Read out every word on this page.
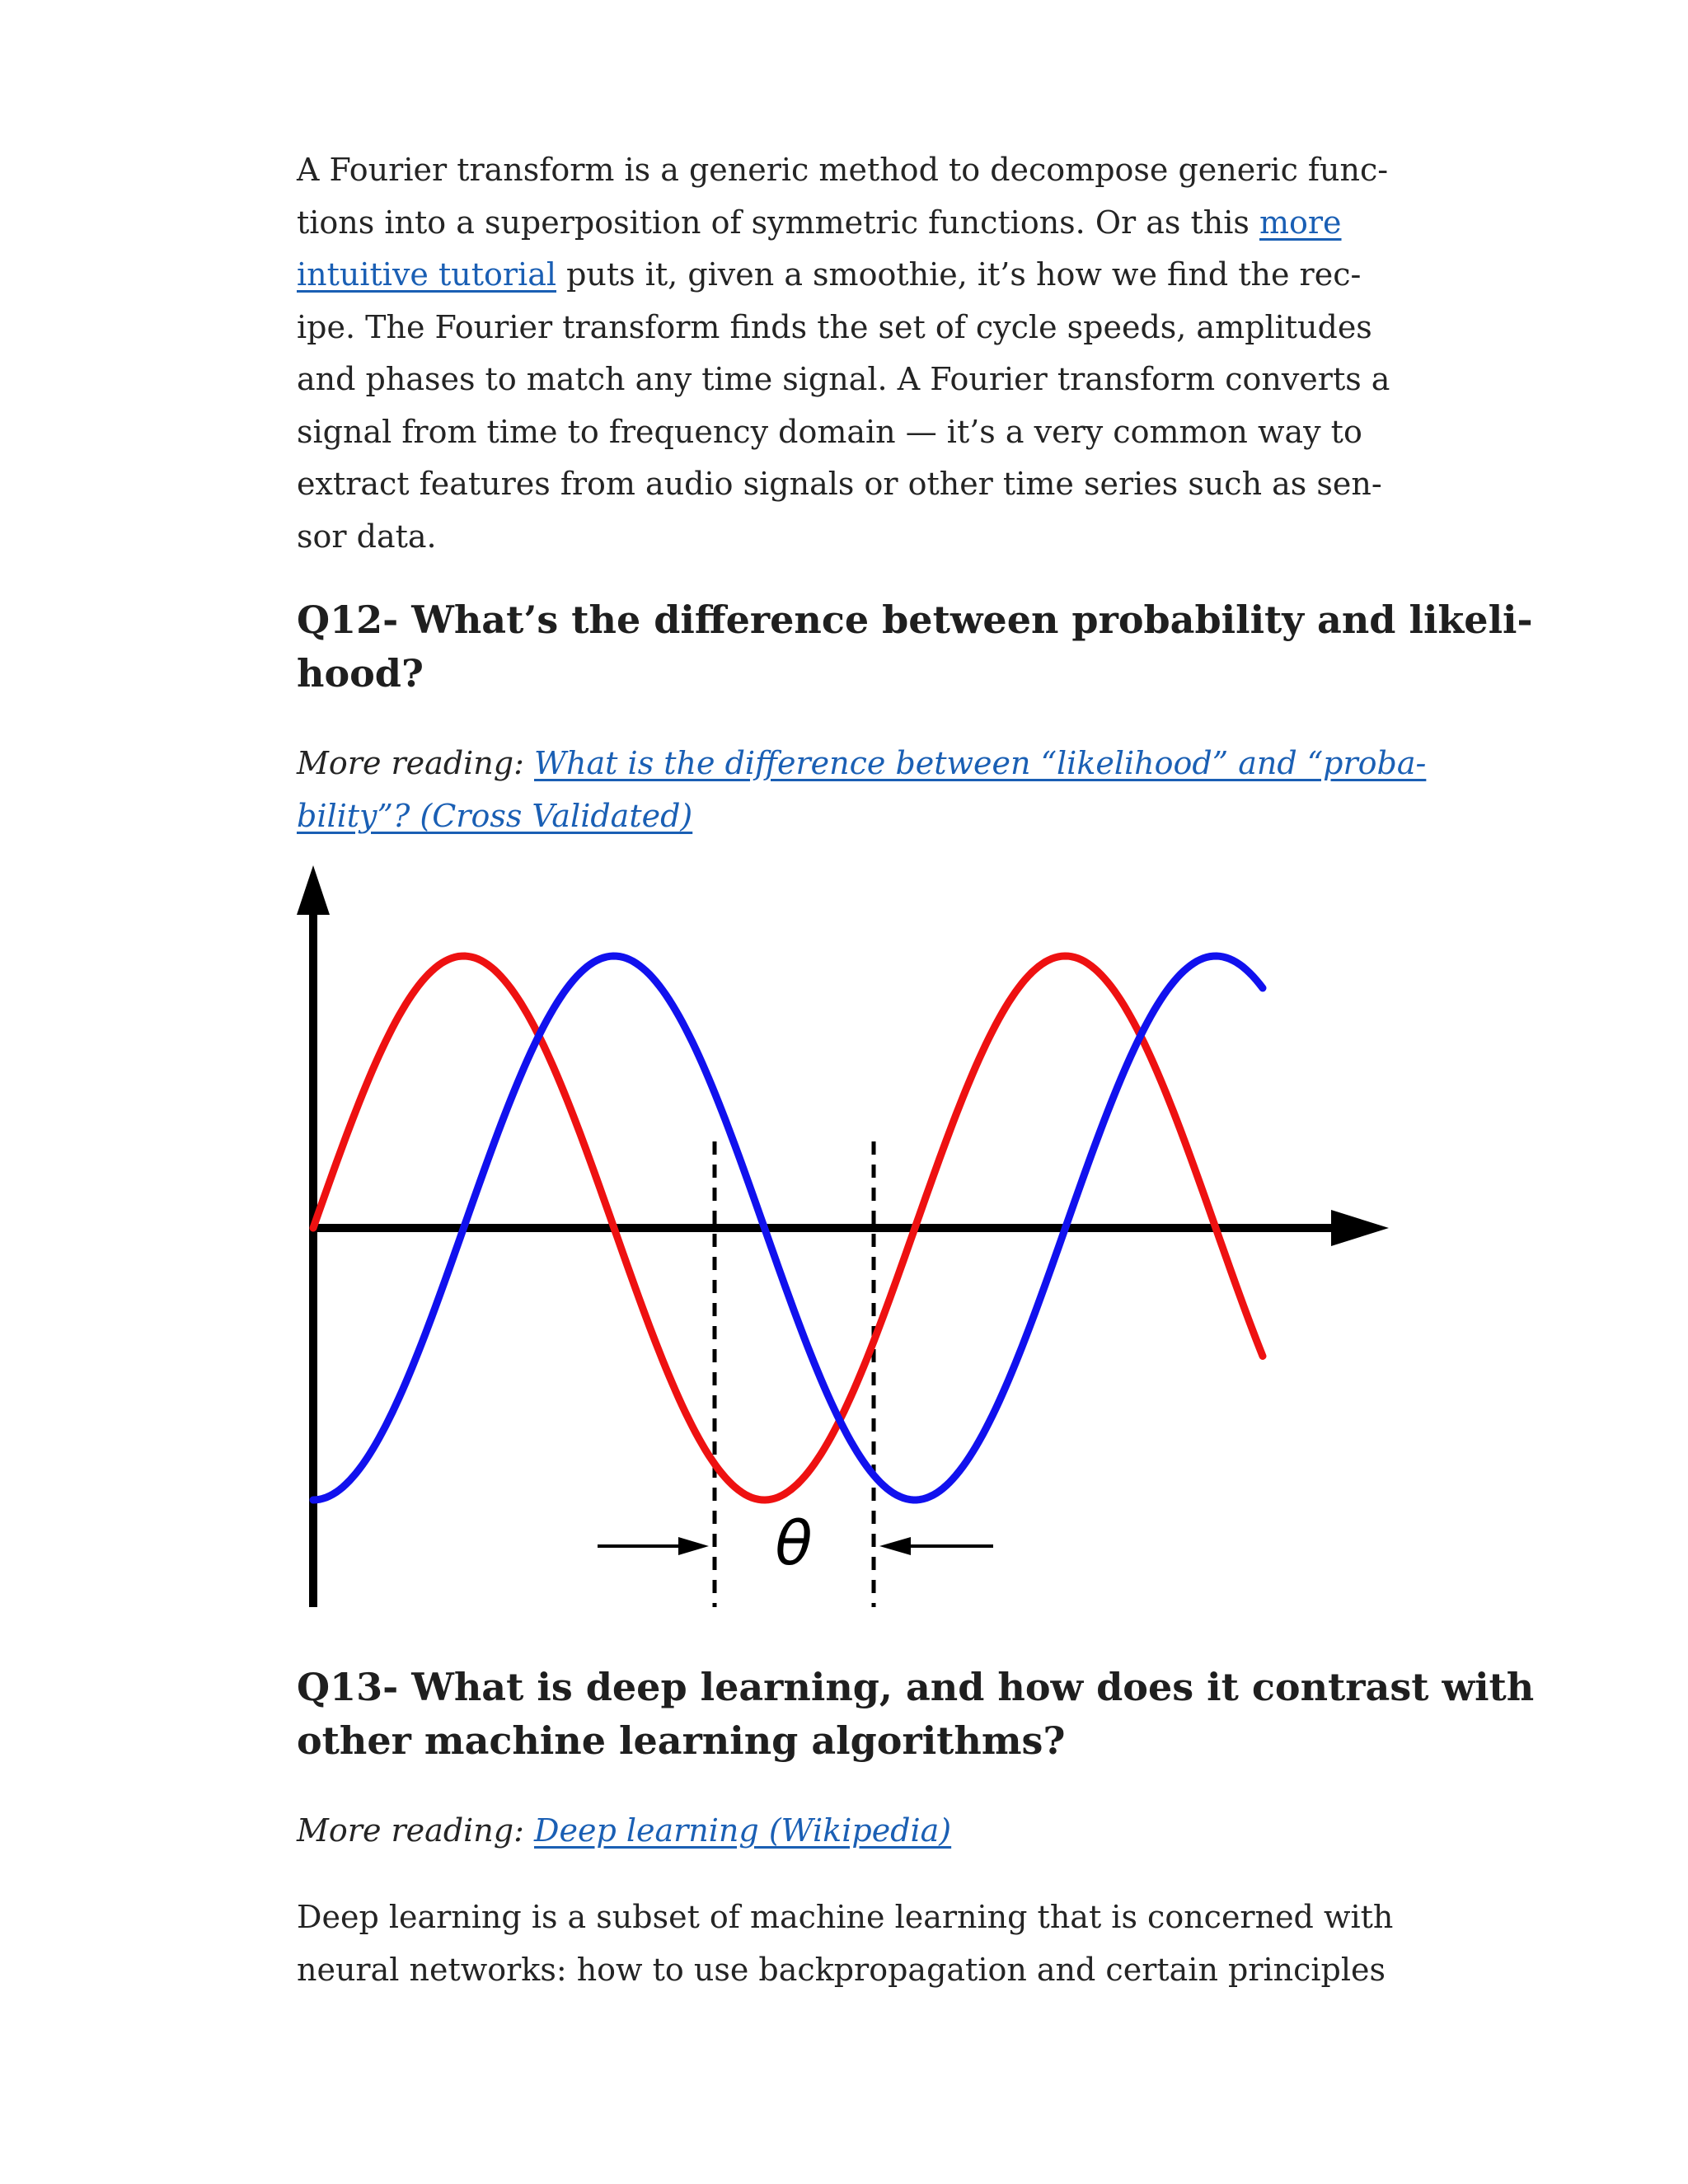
A Fourier transform is a generic method to decompose generic func-
tions into a superposition of symmetric functions. Or as this more
intuitive tutorial puts it, given a smoothie, it’s how we find the rec-
ipe. The Fourier transform finds the set of cycle speeds, amplitudes
and phases to match any time signal. A Fourier transform converts a
signal from time to frequency domain — it’s a very common way to
extract features from audio signals or other time series such as sen-
sor data.

Q12- What’s the difference between probability and likeli-
hood?

More reading: What is the difference between “likelihood” and “proba-
bility”? (Cross Validated)

θ
Q13- What is deep learning, and how does it contrast with
other machine learning algorithms?

More reading: Deep learning (Wikipedia)

Deep learning is a subset of machine learning that is concerned with
neural networks: how to use backpropagation and certain principles
